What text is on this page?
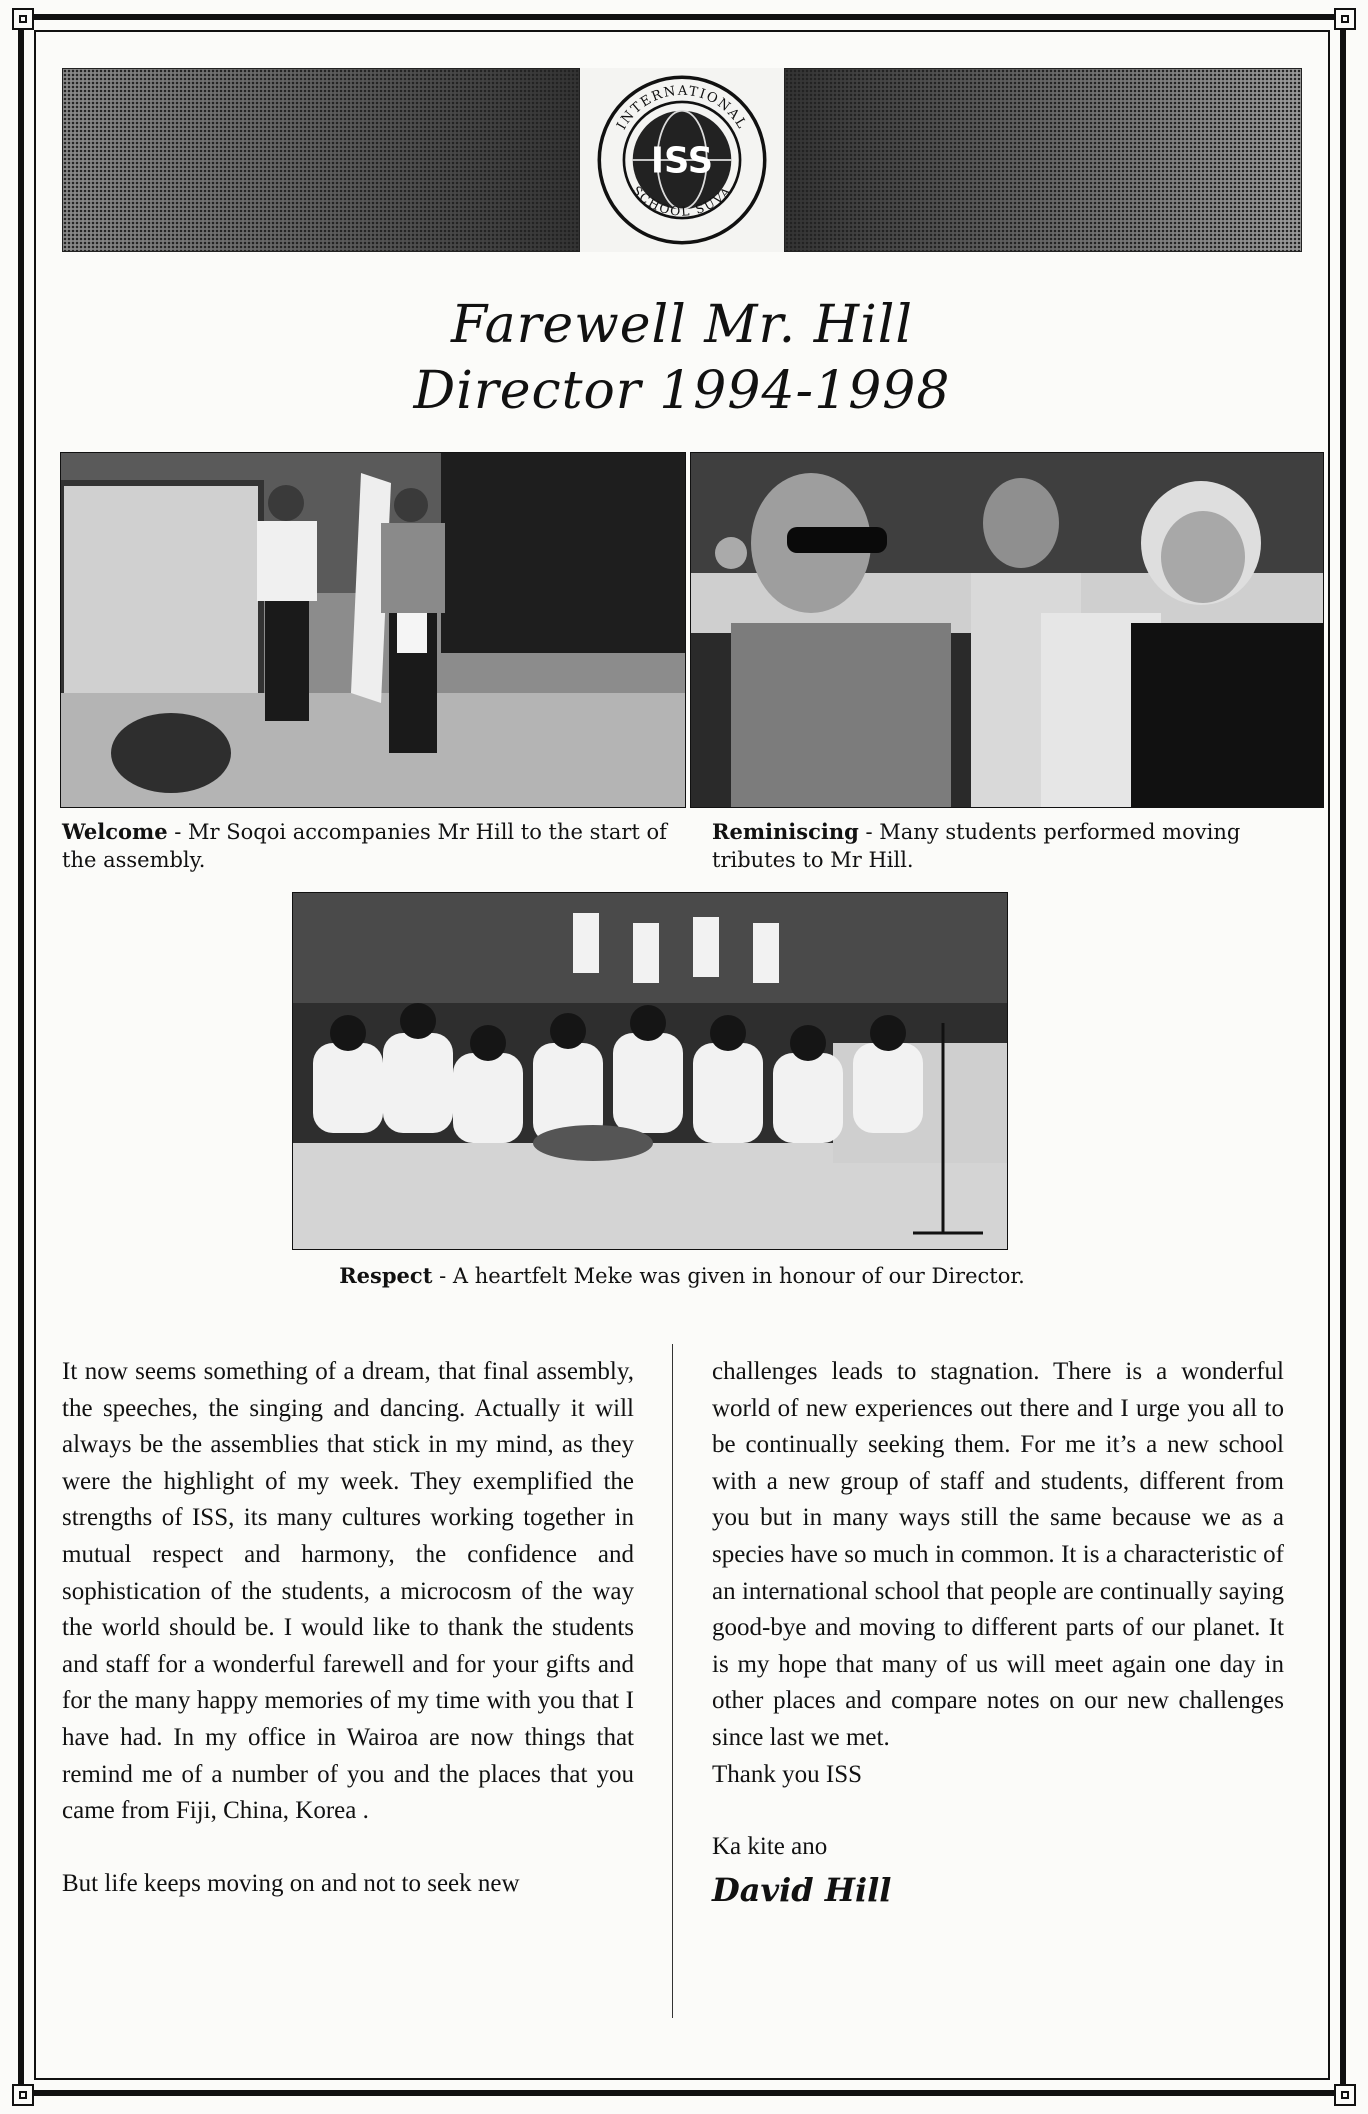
ISS
INTERNATIONAL
SCHOOL SUVA
Farewell Mr. Hill
Director 1994-1998
Welcome - Mr Soqoi accompanies Mr Hill to the start of the assembly.
Reminiscing - Many students performed moving tributes to Mr Hill.
Respect - A heartfelt Meke was given in honour of our Director.

It now seems something of a dream, that final assembly, the speeches, the singing and dancing. Actually it will always be the assemblies that stick in my mind, as they were the highlight of my week. They exemplified the strengths of ISS, its many cultures working together in mutual respect and harmony, the confidence and sophistication of the students, a microcosm of the way the world should be. I would like to thank the students and staff for a wonderful farewell and for your gifts and for the many happy memories of my time with you that I have had. In my office in Wairoa are now things that remind me of a number of you and the places that you came from Fiji, China, Korea .

But life keeps moving on and not to seek new

challenges leads to stagnation. There is a wonderful world of new experiences out there and I urge you all to be continually seeking them. For me it’s a new school with a new group of staff and students, different from you but in many ways still the same because we as a species have so much in common. It is a characteristic of an international school that people are continually saying good-bye and moving to different parts of our planet. It is my hope that many of us will meet again one day in other places and compare notes on our new challenges since last we met.

Thank you ISS

Ka kite ano

David Hill
